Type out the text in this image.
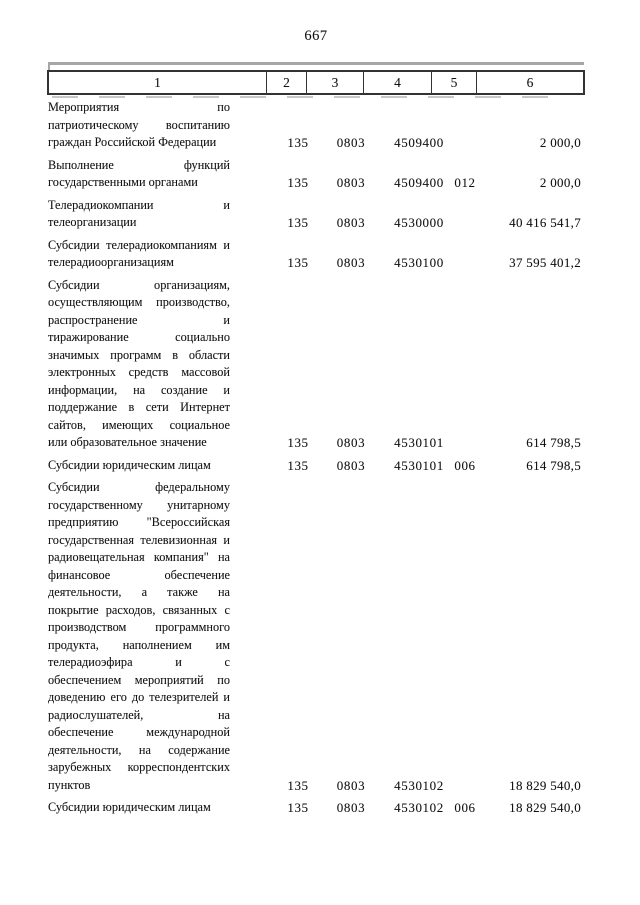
667
1	2	3	4	5	6
Мероприятия по
патриотическому воспитанию
граждан Российской Федерации	135 0803 4509400	2 000,0
Выполнение функций
государственными органами	135 0803 4509400 012	2 000,0
Телерадиокомпании и
телеорганизации	135 0803 4530000	40 416 541,7
Субсидии телерадиокомпаниям и
телерадиоорганизациям	135 0803 4530100	37 595 401,2
Субсидии организациям,
осуществляющим производство,
распространение и
тиражирование социально
значимых программ в области
электронных средств массовой
информации, на создание и
поддержание в сети Интернет
сайтов, имеющих социальное
или образовательное значение	135 0803 4530101	614 798,5
Субсидии юридическим лицам	135 0803 4530101 006	614 798,5
Субсидии федеральному
государственному унитарному
предприятию "Всероссийская
государственная телевизионная и
радиовещательная компания" на
финансовое обеспечение
деятельности, а также на
покрытие расходов, связанных с
производством программного
продукта, наполнением им
телерадиоэфира и с
обеспечением мероприятий по
доведению его до телезрителей и
радиослушателей, на
обеспечение международной
деятельности, на содержание
зарубежных корреспондентских
пунктов	135 0803 4530102	18 829 540,0
Субсидии юридическим лицам	135 0803 4530102 006	18 829 540,0
